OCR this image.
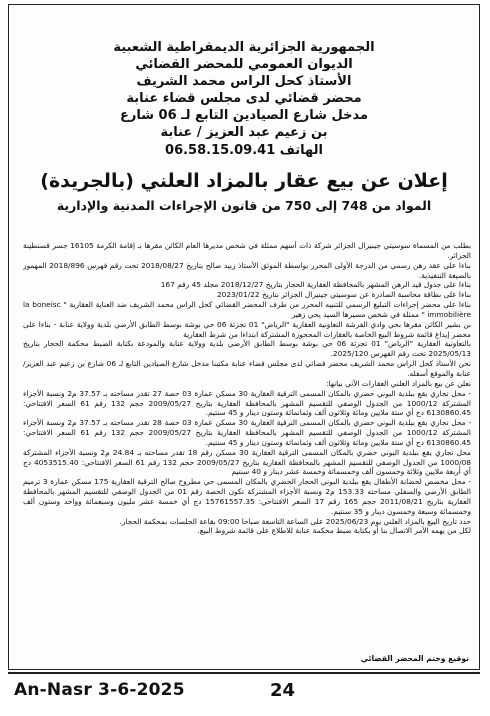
الجمهورية الجزائرية الديمقراطية الشعبية
الديوان العمومي للمحضر القضائي
الأستاذ كحل الراس محمد الشريف
محضر قضائي لدى مجلس قضاء عنابة
مدخل شارع الصيادين التابع لـ 06 شارع
بن زعيم عبد العزيز / عنابة
الهاتف 06.58.15.09.41
إعلان عن بيع عقار بالمزاد العلني (بالجريدة)
المواد من 748 إلى 750 من قانون الإجراءات المدنية والإدارية

بطلب من المسماة سوسيتي جينيرال الجزائر شركة ذات أسهم ممثلة في شخص مديرها العام الكائن مقرها بـ إقامة الكرمة 16105 جسر قسنطينة الجزائر.

بناءا على عقد رهن رسمي من الدرجة الأولى المحرر بواسطة الموثق الأستاذ زبيد صالح بتاريخ 2018/08/27 تحت رقم فهرس 2018/896 المهمور بالصيغة التنفيذية.

بناءا على جدول قيد الرهن المشهر بالمحافظة العقارية الحجار بتاريخ 2018/12/27 مجلد 45 رقم 167

بناءا على بطاقة محاسبة الصادرة عن سوسيتي جينيرال الجزائر بتاريخ 2023/01/22

بناءا على محضر إجراءات التبليغ الرسمي للتنبيه المحرر من طرف المحضر القضائي كحل الراس محمد الشريف ضد العناية العقارية " la boneisc immobilière " ممثلة في شخص مسيرها السيد يحي زهير

بن بشير الكائن مقرها بحي وادي الفرشة التعاونية العقارية "الرياض" 01 تجزئة 06 حي بوشة بوسط الطابق الأرضي بلدية وولاية عنابة - بناءا على محضر إيداع قائمة شروط البيع الخاصة بالعقارات المحجوزة المشتركة ابتداءا من شرط العقارية

بالتعاونية العقارية "الرياض" 01 تجزئة 06 حي بوشة بوسط الطابق الأرضي بلدية وولاية عنابة والمودعة بكتابة الضبط محكمة الحجار بتاريخ 2025/05/13 تحت رقم الفهرس 2025/120.

نحن الأستاذ كحل الراس محمد الشريف محضر قضائي لدى مجلس قضاء عنابة مكتبنا مدخل شارع الصيادين التابع لـ 06 شارع بن زعيم عبد العزيز/ عنابة والموقع أسفله.

نعلن عن بيع بالمزاد العلني العقارات الآتي بيانها:

- محل تجاري يقع ببلدية البوني حضري بالمكان المسمى الترقية العقارية 30 مسكن عمارة 03 حصة 27 تقدر مساحته بـ 37.57 م2 ونسبة الأجزاء المشتركة 1000/12 من الجدول الوصفي للتقسيم المشهر بالمحافظة العقارية بتاريخ 2009/05/27 حجم 132 رقم 61 السعر الافتتاحي: 6130860.45 دج أي ستة ملايين ومائة وثلاثون ألف وثمانمائة وستون دينار و 45 سنتيم.

- محل تجاري يقع ببلدية البوني حضري بالمكان المسمى الترقية العقارية 30 مسكن عمارة 03 حصة 28 تقدر مساحته بـ 37.57 م2 ونسبة الأجزاء المشتركة 1000/12 من الجدول الوصفي للتقسيم المشهر بالمحافظة العقارية بتاريخ 2009/05/27 حجم 132 رقم 61 السعر الافتتاحي: 6130860.45 دج أي ستة ملايين ومائة وثلاثون ألف وثمانمائة وستون دينار و 45 سنتيم.

محل تجاري يقع ببلدية البوني حضري بالمكان المسمى الترقية العقارية 30 مسكن رقم 18 تقدر مساحته بـ 24.84 م2 ونسبة الأجزاء المشتركة 1000/08 من الجدول الوصفي للتقسيم المشهر بالمحافظة العقارية بتاريخ 2009/05/27 حجم 132 رقم 61 السعر الافتتاحي: 4053515.40 دج أي أربعة ملايين وثلاثة وخمسون ألف وخمسمائة وخمسة عشر دينار و 40 سنتيم

- محل مخصص لحضانة الأطفال يقع ببلدية البوني الحجار الحضري بالمكان المسمى حي مطروح صالح الترقية العقارية 175 مسكن عمارة 3 ترميم الطابق الأرضي والسفلي مساحته 153.33 م2 ونسبة الأجزاء المشتركة تكون الحصة رقم 01 من الجدول الوصفي للتقسيم المشهر بالمحافظة العقارية بتاريخ 2011/08/21 حجم 165 رقم 17 السعر الافتتاحي: 15761557.35 دج أي خمسة عشر مليون وسبعمائة وواحد وستون ألف وخمسمائة وسبعة وخمسون دينار و 35 سنتيم.

حدد تاريخ البيع بالمزاد العلني يوم 2025/06/23 على الساعة التاسعة صباحا 09:00 بقاعة الجلسات بمحكمة الحجار.

لكل من يهمه الأمر الاتصال بنا أو بكتابة ضبط محكمة عنابة للاطلاع على قائمة شروط البيع.

توقيع وختم المحضر القضائي
An-Nasr 3-6-2025	24
